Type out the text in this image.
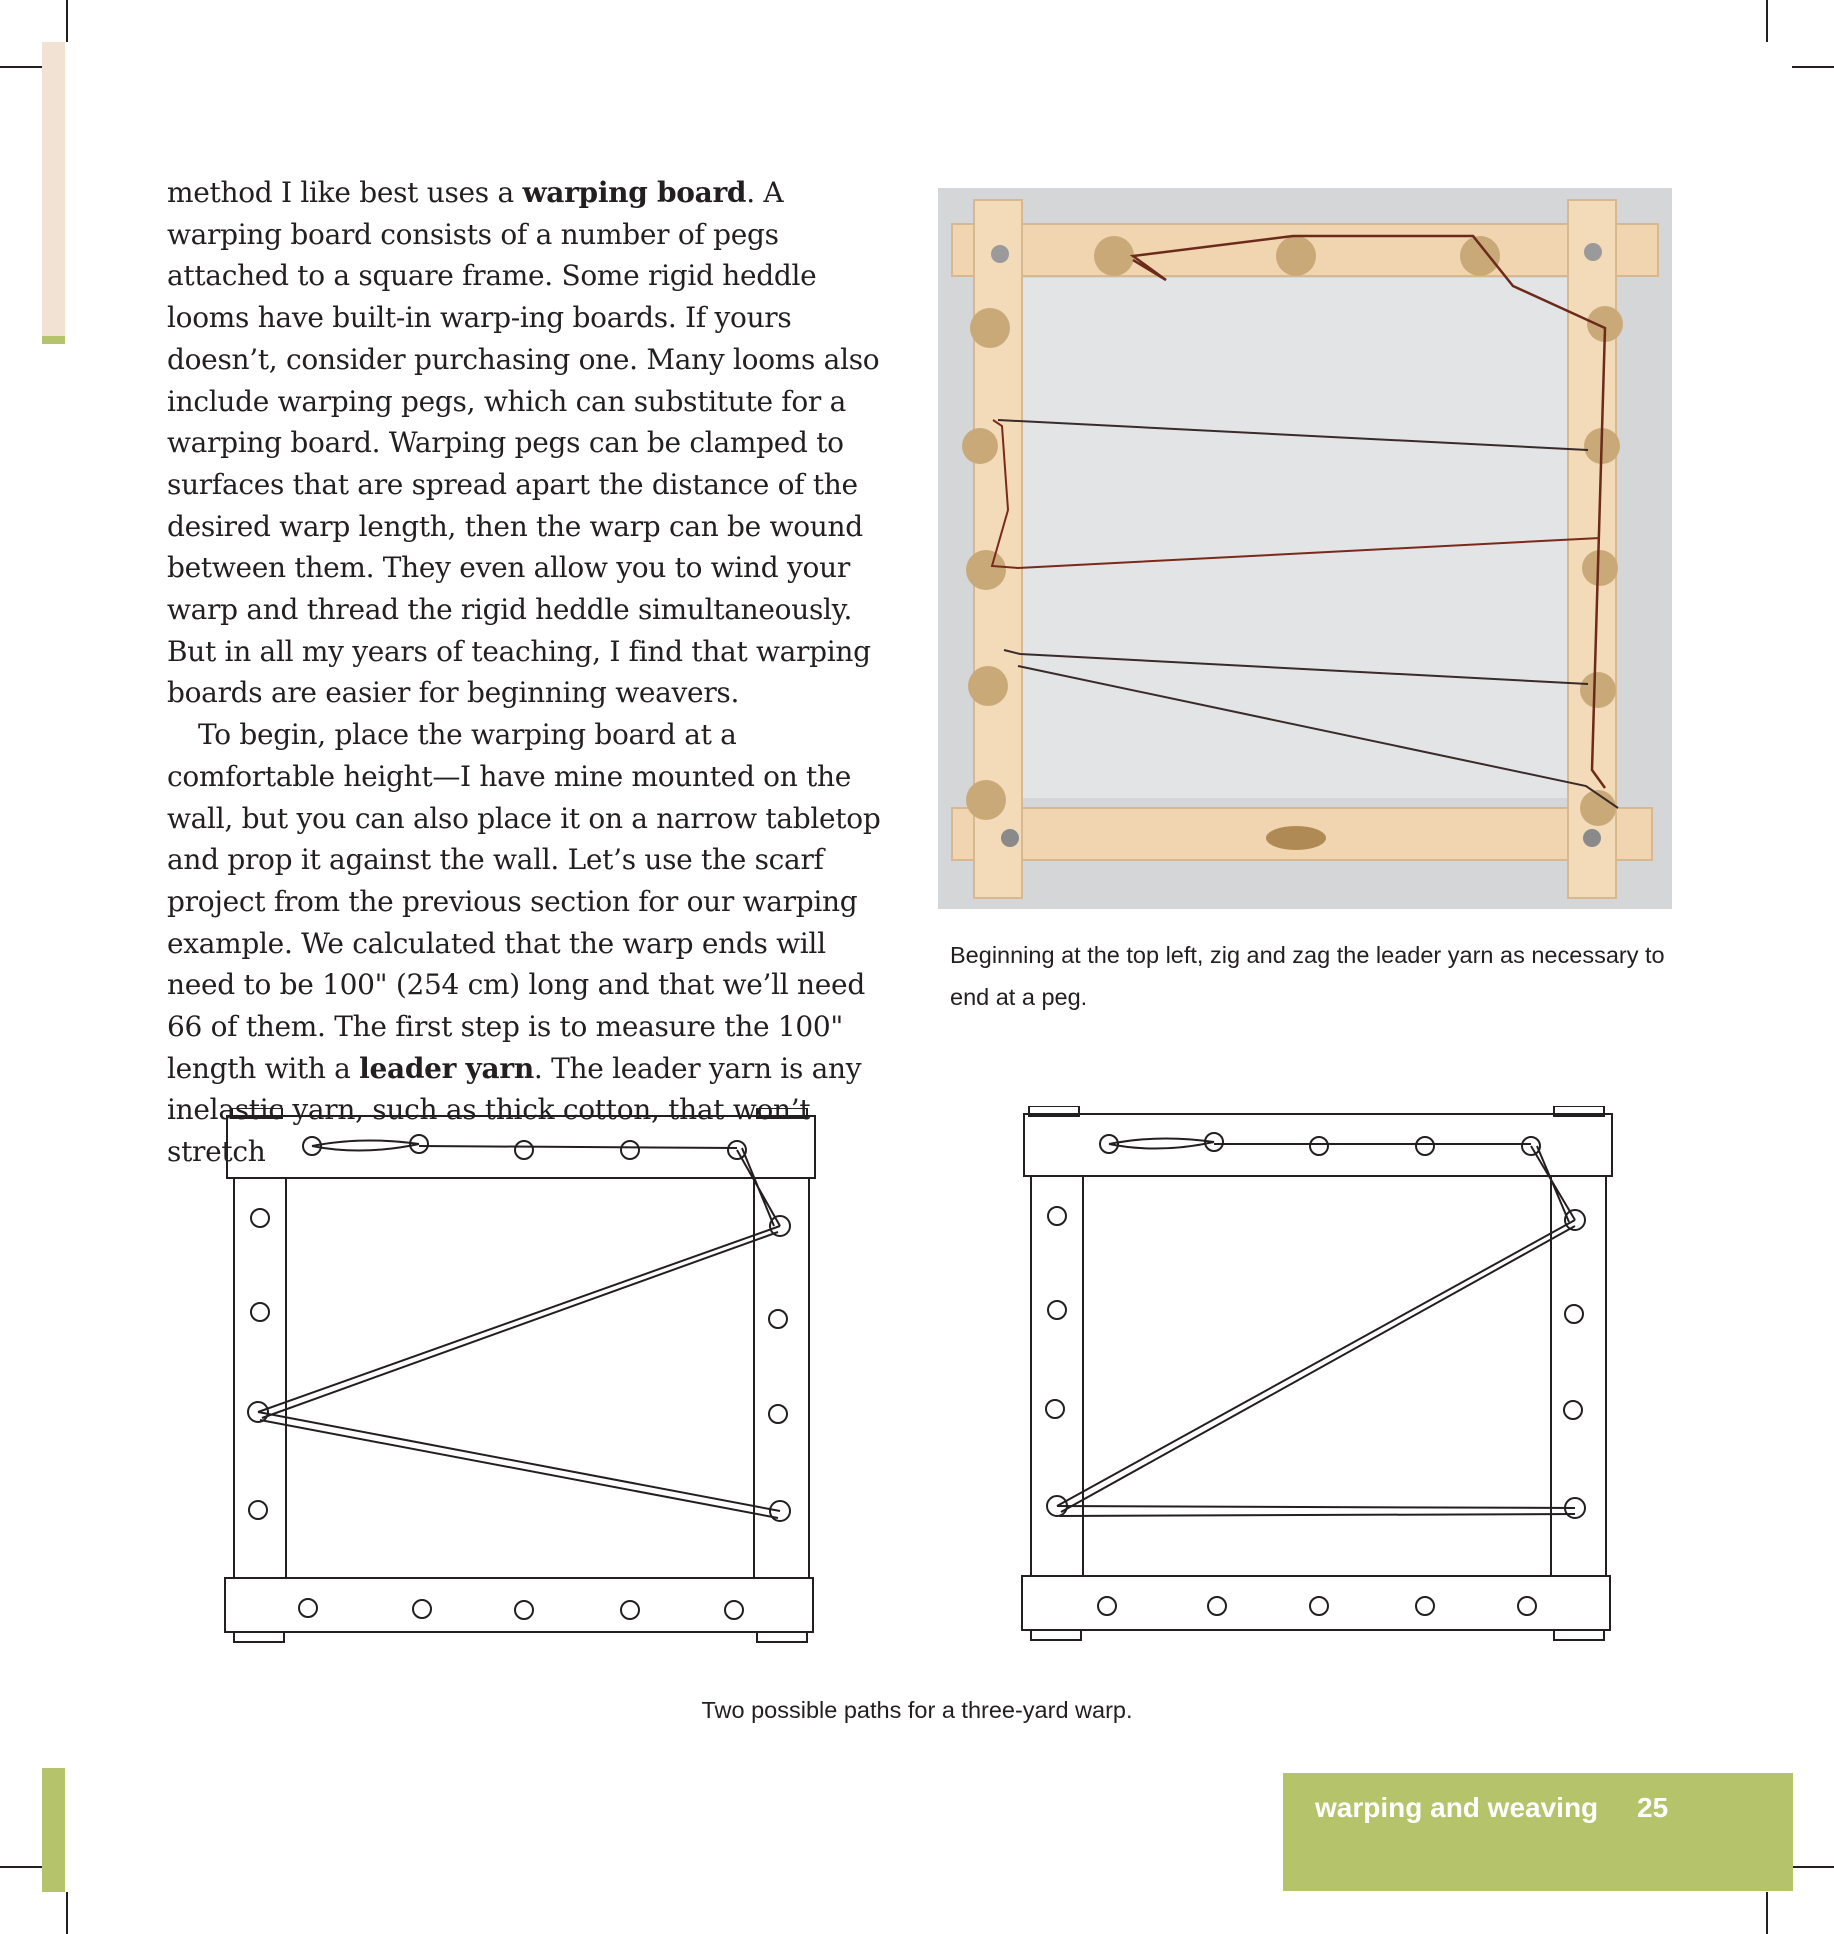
method I like best uses a warping board. A warping board consists of a number of pegs attached to a square frame. Some rigid heddle looms have built-in warp-ing boards. If yours doesn’t, consider purchasing one. Many looms also include warping pegs, which can substitute for a warping board. Warping pegs can be clamped to surfaces that are spread apart the distance of the desired warp length, then the warp can be wound between them. They even allow you to wind your warp and thread the rigid heddle simultaneously. But in all my years of teaching, I find that warping boards are easier for beginning weavers.

To begin, place the warping board at a comfortable height—I have mine mounted on the wall, but you can also place it on a narrow tabletop and prop it against the wall. Let’s use the scarf project from the previous section for our warping example. We calculated that the warp ends will need to be 100" (254 cm) long and that we’ll need 66 of them. The first step is to measure the 100" length with a leader yarn. The leader yarn is any inelastic yarn, such as thick cotton, that won’t stretch

Beginning at the top left, zig and zag the leader yarn as necessary to end at a peg.
Two possible paths for a three-yard warp.
warping and weaving 25
